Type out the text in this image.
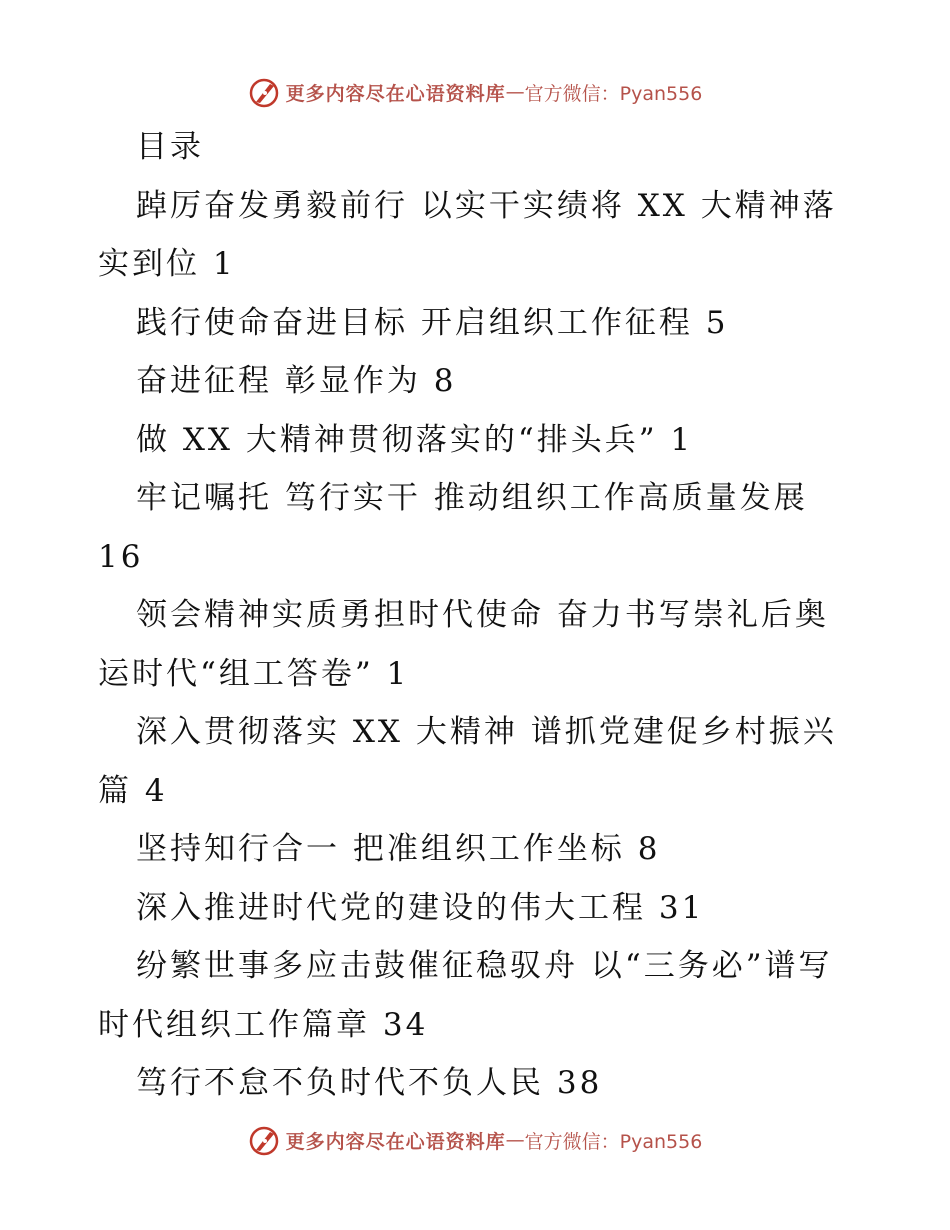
更多内容尽在心语资料库 — 官方微信：Pyan556
目录
踔厉奋发勇毅前行 以实干实绩将 XX 大精神落实到位 1
践行使命奋进目标 开启组织工作征程 5
奋进征程 彰显作为 8
做 XX 大精神贯彻落实的“排头兵” 1
牢记嘱托 笃行实干 推动组织工作高质量发展 16
领会精神实质勇担时代使命 奋力书写崇礼后奥运时代“组工答卷” 1
深入贯彻落实 XX 大精神 谱抓党建促乡村振兴篇 4
坚持知行合一 把准组织工作坐标 8
深入推进时代党的建设的伟大工程 31
纷繁世事多应击鼓催征稳驭舟 以“三务必”谱写时代组织工作篇章 34
笃行不怠不负时代不负人民 38
更多内容尽在心语资料库 — 官方微信：Pyan556
